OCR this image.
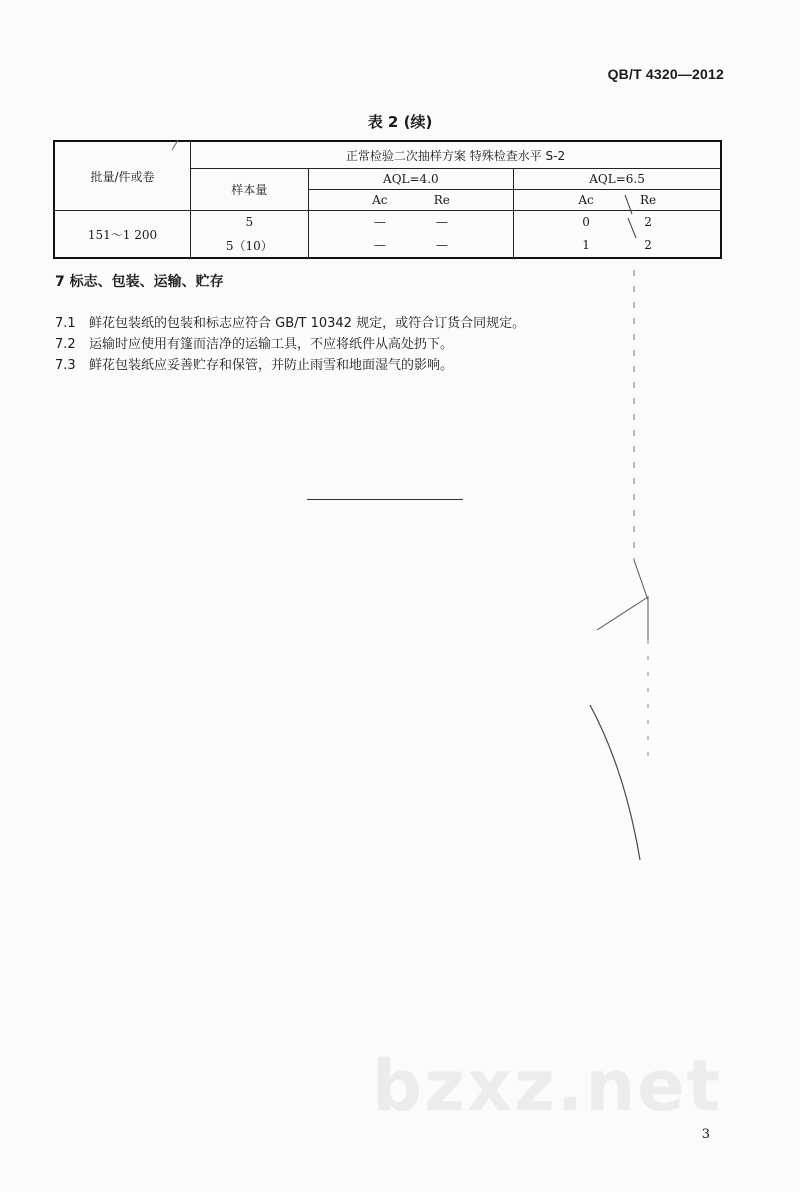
QB/T 4320—2012
表 2 (续)
批量/件或卷	正常检验二次抽样方案 特殊检查水平 S-2		
	样本量	AQL=4.0	AQL=6.5

		Ac Re	Ac Re

151～1 200	5	— —	0 2

	5（10）	— —	1 2
7 标志、包装、运输、贮存
7.1 鲜花包装纸的包装和标志应符合 GB/T 10342 规定，或符合订货合同规定。
7.2 运输时应使用有篷而洁净的运输工具，不应将纸件从高处扔下。
7.3 鲜花包装纸应妥善贮存和保管，并防止雨雪和地面湿气的影响。
bzxz.net
3
